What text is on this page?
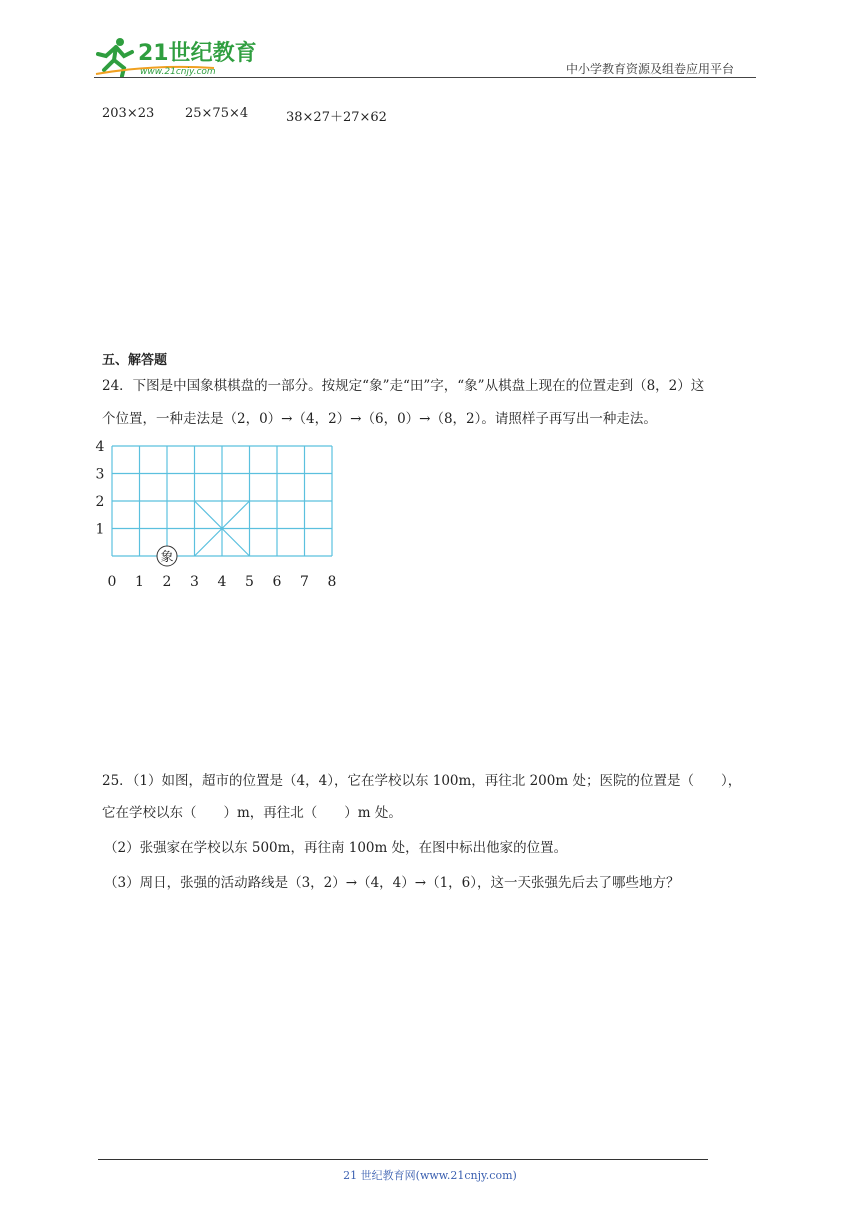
21世纪教育
www.21cnjy.com	中小学教育资源及组卷应用平台
203×23 25×75×4	38×27＋27×62
五、解答题
24．下图是中国象棋棋盘的一部分。按规定“象”走“田”字，“象”从棋盘上现在的位置走到（8，2）这
个位置，一种走法是（2，0）→（4，2）→（6，0）→（8，2）。请照样子再写出一种走法。
1
2
3
4
0 1 2 3 4 5 6 7 8
象
25．（1）如图，超市的位置是（4，4），它在学校以东 100m，再往北 200m 处；医院的位置是（　　），
它在学校以东（　　）m，再往北（　　）m 处。
（2）张强家在学校以东 500m，再往南 100m 处，在图中标出他家的位置。
（3）周日，张强的活动路线是（3，2）→（4，4）→（1，6），这一天张强先后去了哪些地方？
21 世纪教育网(www.21cnjy.com)
